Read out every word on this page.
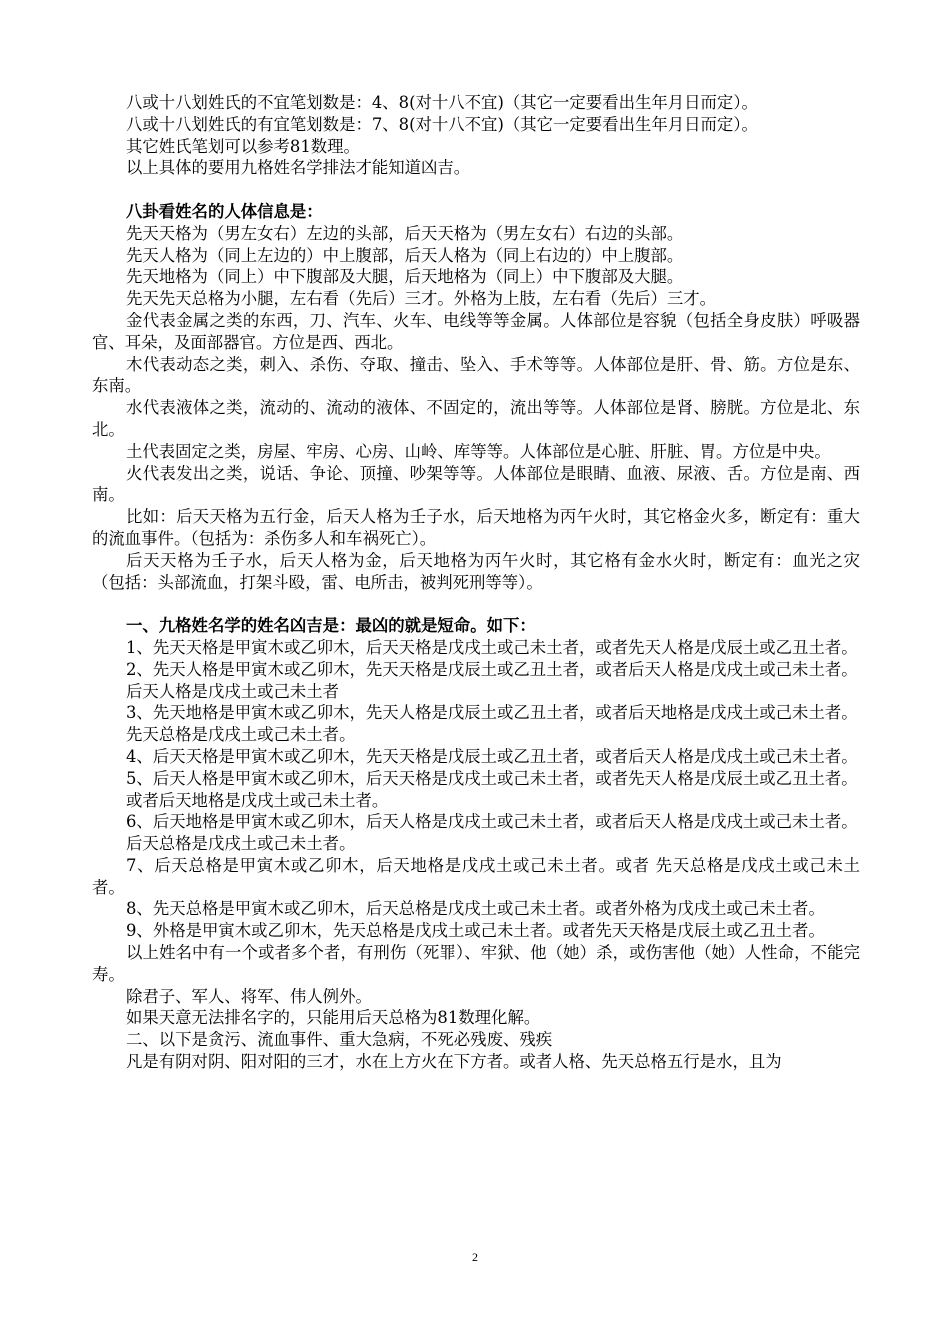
八或十八划姓氏的不宜笔划数是：4、8(对十八不宜)（其它一定要看出生年月日而定）。
八或十八划姓氏的有宜笔划数是：7、8(对十八不宜)（其它一定要看出生年月日而定）。
其它姓氏笔划可以参考81数理。
以上具体的要用九格姓名学排法才能知道凶吉。
八卦看姓名的人体信息是：
先天天格为（男左女右）左边的头部，后天天格为（男左女右）右边的头部。
先天人格为（同上左边的）中上腹部，后天人格为（同上右边的）中上腹部。
先天地格为（同上）中下腹部及大腿，后天地格为（同上）中下腹部及大腿。
先天先天总格为小腿，左右看（先后）三才。外格为上肢，左右看（先后）三才。
金代表金属之类的东西，刀、汽车、火车、电线等等金属。人体部位是容貌（包括全身皮肤）呼吸器官、耳朵，及面部器官。方位是西、西北。
木代表动态之类，刺入、杀伤、夺取、撞击、坠入、手术等等。人体部位是肝、骨、筋。方位是东、东南。
水代表液体之类，流动的、流动的液体、不固定的，流出等等。人体部位是肾、膀胱。方位是北、东北。
土代表固定之类，房屋、牢房、心房、山岭、库等等。人体部位是心脏、肝脏、胃。方位是中央。
火代表发出之类，说话、争论、顶撞、吵架等等。人体部位是眼睛、血液、尿液、舌。方位是南、西南。
比如：后天天格为五行金，后天人格为壬子水，后天地格为丙午火时，其它格金火多，断定有：重大的流血事件。（包括为：杀伤多人和车祸死亡）。
后天天格为壬子水，后天人格为金，后天地格为丙午火时，其它格有金水火时，断定有：血光之灾（包括：头部流血，打架斗殴，雷、电所击，被判死刑等等）。
一、九格姓名学的姓名凶吉是：最凶的就是短命。如下：
1、先天天格是甲寅木或乙卯木，后天天格是戊戌土或己未土者，或者先天人格是戊辰土或乙丑土者。
2、先天人格是甲寅木或乙卯木，先天天格是戊辰土或乙丑土者，或者后天人格是戊戌土或己未土者。
后天人格是戊戌土或己未土者
3、先天地格是甲寅木或乙卯木，先天人格是戊辰土或乙丑土者，或者后天地格是戊戌土或己未土者。
先天总格是戊戌土或己未土者。
4、后天天格是甲寅木或乙卯木，先天天格是戊辰土或乙丑土者，或者后天人格是戊戌土或己未土者。
5、后天人格是甲寅木或乙卯木，后天天格是戊戌土或己未土者，或者先天人格是戊辰土或乙丑土者。
或者后天地格是戊戌土或己未土者。
6、后天地格是甲寅木或乙卯木，后天人格是戊戌土或己未土者，或者后天人格是戊戌土或己未土者。
后天总格是戊戌土或己未土者。
7、后天总格是甲寅木或乙卯木，后天地格是戊戌土或己未土者。或者 先天总格是戊戌土或己未土者。
8、先天总格是甲寅木或乙卯木，后天总格是戊戌土或己未土者。或者外格为戊戌土或己未土者。
9、外格是甲寅木或乙卯木，先天总格是戊戌土或己未土者。或者先天天格是戊辰土或乙丑土者。
以上姓名中有一个或者多个者，有刑伤（死罪）、牢狱、他（她）杀，或伤害他（她）人性命，不能完寿。
除君子、军人、将军、伟人例外。
如果天意无法排名字的，只能用后天总格为81数理化解。
二、以下是贪污、流血事件、重大急病，不死必残废、残疾
凡是有阴对阴、阳对阳的三才，水在上方火在下方者。或者人格、先天总格五行是水，且为
2
